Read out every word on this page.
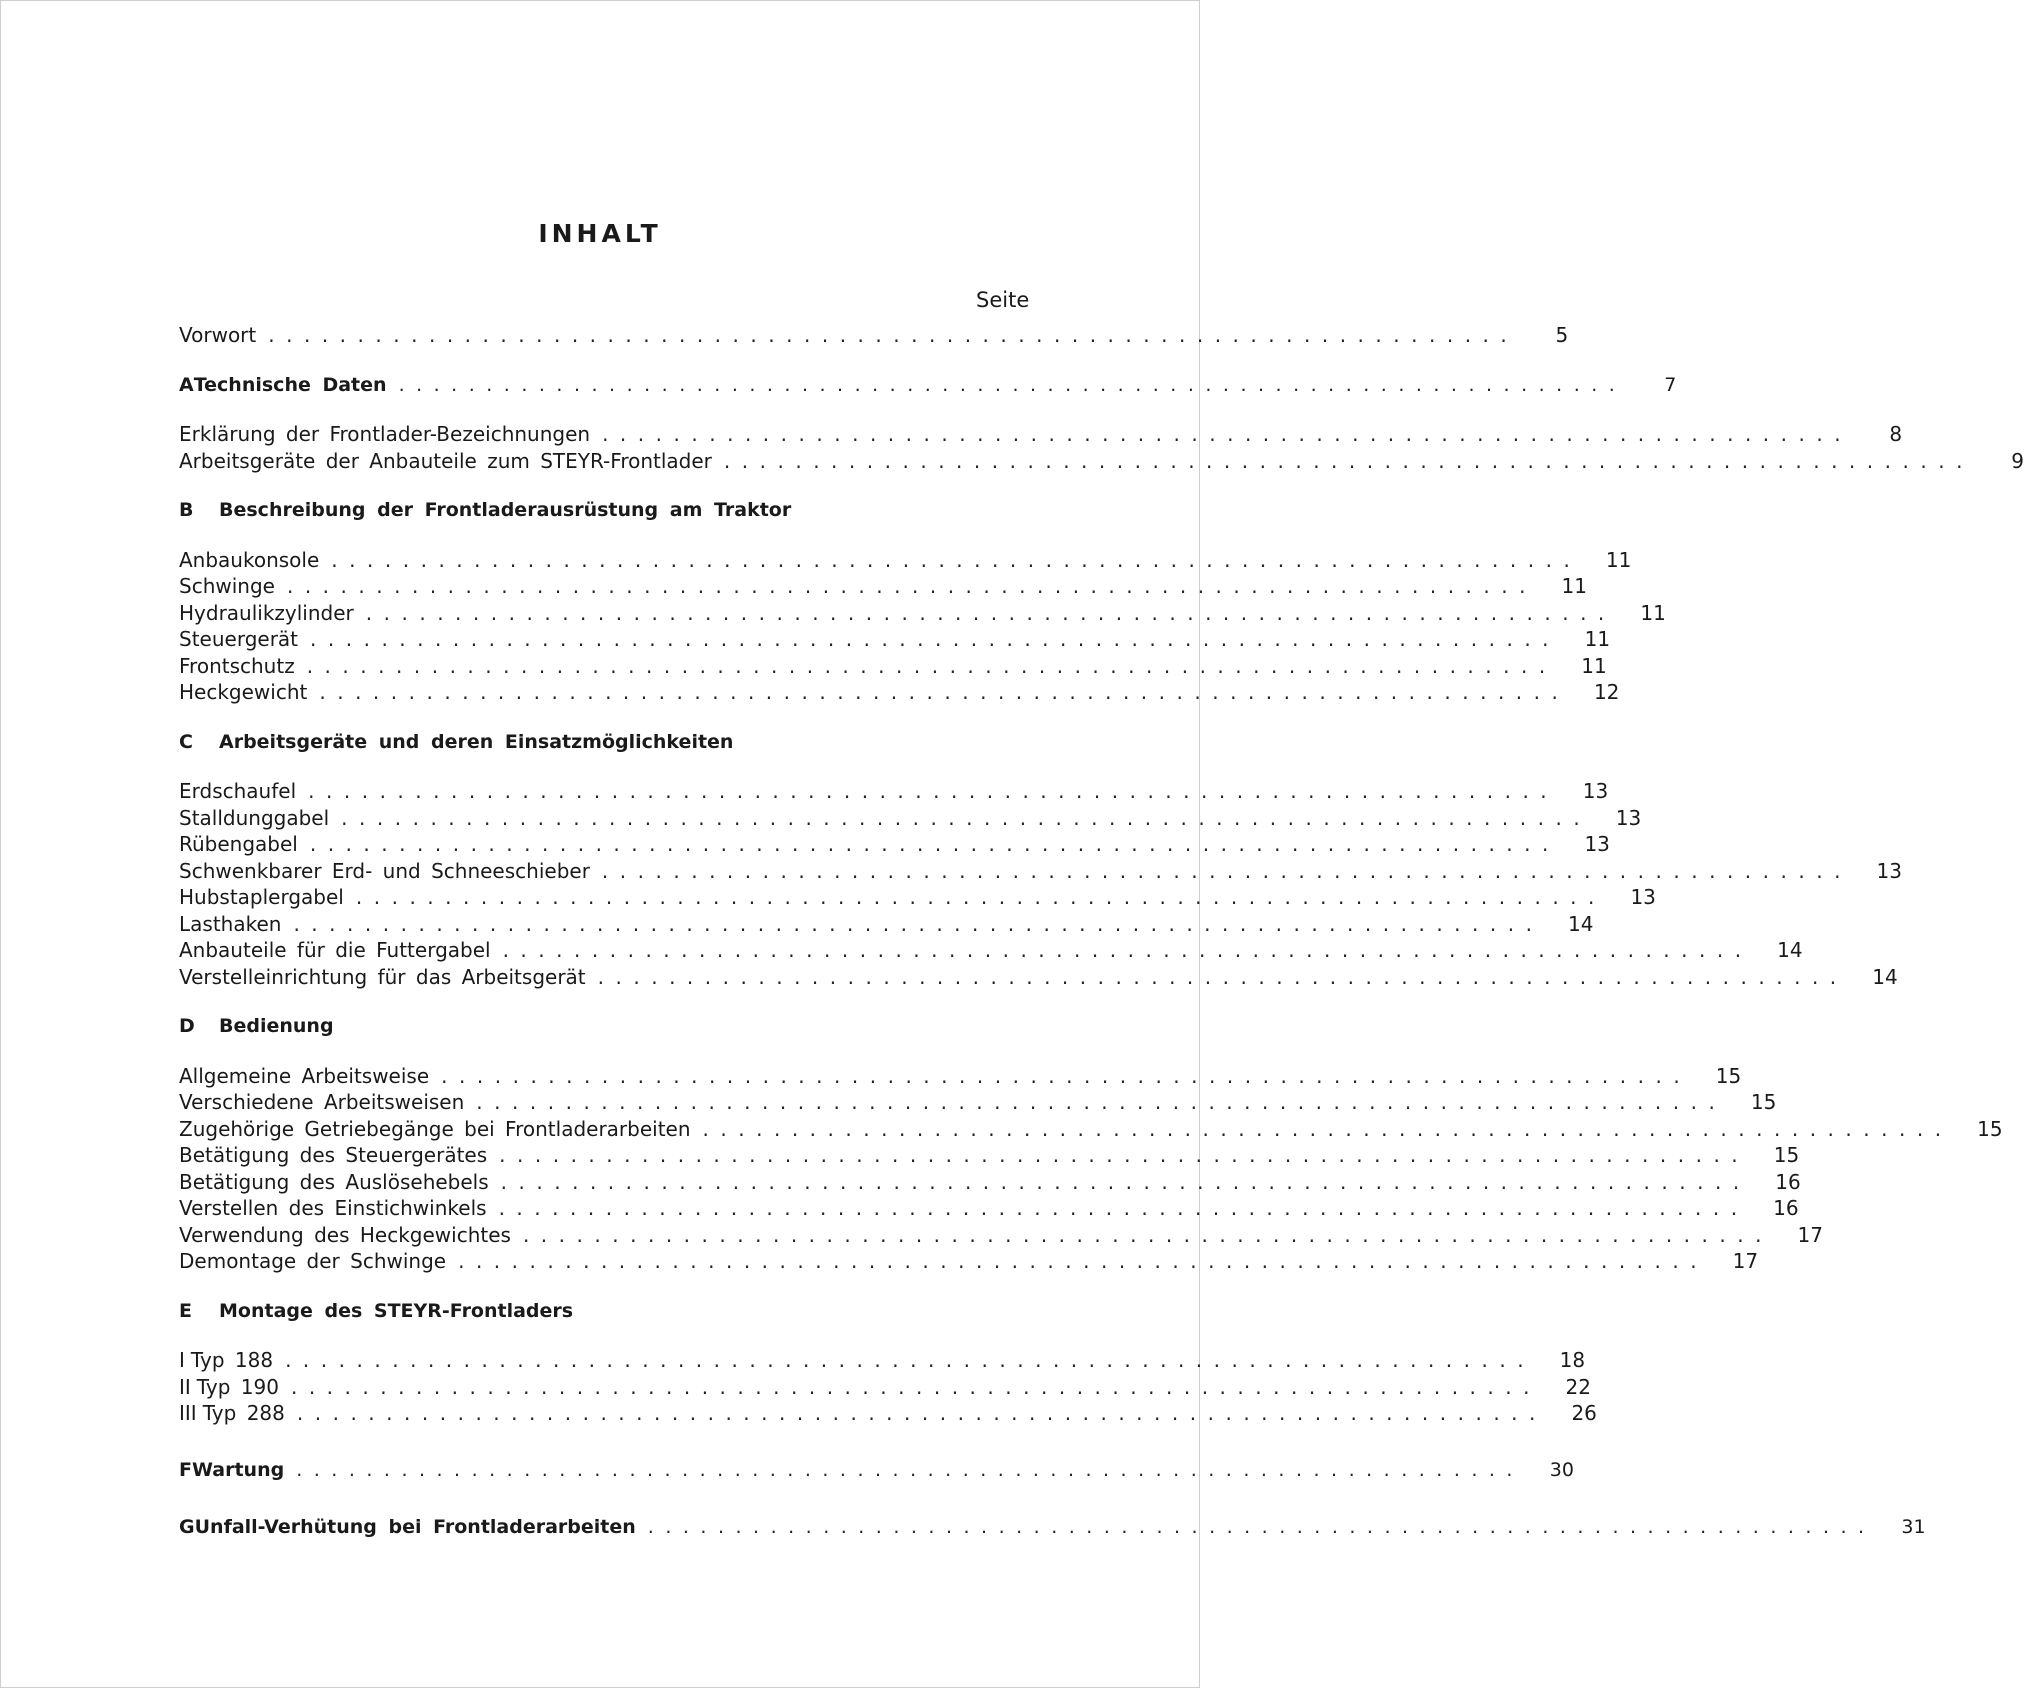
INHALT
Seite
Vorwort ......................................................................	5
A Technische Daten ......................................................................	7
Erklärung der Frontlader-Bezeichnungen ......................................................................	8
Arbeitsgeräte der Anbauteile zum STEYR-Frontlader ......................................................................	9
B	Beschreibung der Frontladerausrüstung am Traktor
Anbaukonsole ......................................................................	11
Schwinge ......................................................................	11
Hydraulikzylinder ......................................................................	11
Steuergerät ......................................................................	11
Frontschutz ......................................................................	11
Heckgewicht ......................................................................	12
C	Arbeitsgeräte und deren Einsatzmöglichkeiten
Erdschaufel ......................................................................	13
Stalldunggabel ......................................................................	13
Rübengabel ......................................................................	13
Schwenkbarer Erd- und Schneeschieber ......................................................................	13
Hubstaplergabel ......................................................................	13
Lasthaken ......................................................................	14
Anbauteile für die Futtergabel ......................................................................	14
Verstelleinrichtung für das Arbeitsgerät ......................................................................	14
D	Bedienung
Allgemeine Arbeitsweise ......................................................................	15
Verschiedene Arbeitsweisen ......................................................................	15
Zugehörige Getriebegänge bei Frontladerarbeiten ......................................................................	15
Betätigung des Steuergerätes ......................................................................	15
Betätigung des Auslösehebels ......................................................................	16
Verstellen des Einstichwinkels ......................................................................	16
Verwendung des Heckgewichtes ......................................................................	17
Demontage der Schwinge ......................................................................	17
E	Montage des STEYR-Frontladers
I Typ 188 ......................................................................	18
II Typ 190 ......................................................................	22
III Typ 288 ......................................................................	26
F Wartung ......................................................................	30
G Unfall-Verhütung bei Frontladerarbeiten ......................................................................	31
